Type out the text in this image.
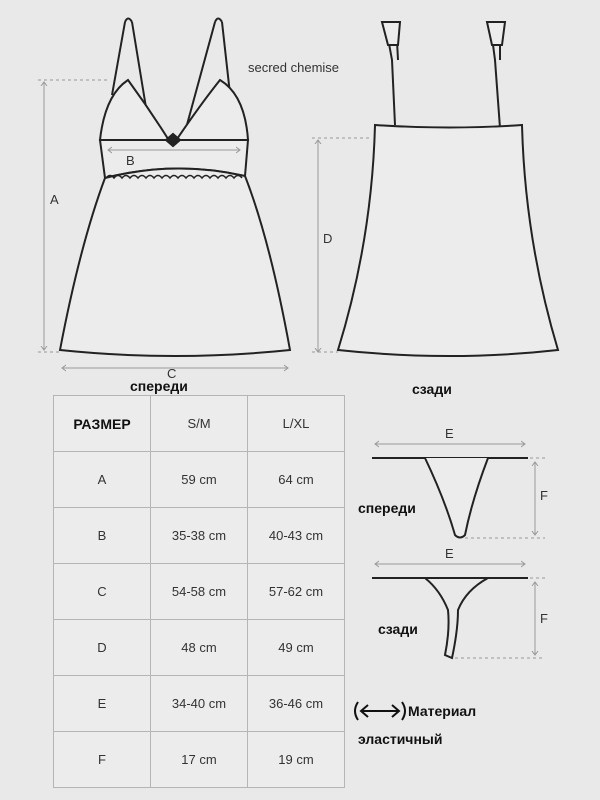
secred chemise
A
B
C
D
спереди	сзади
E
F
спереди
E
F
сзади
Материал
эластичный
РАЗМЕР	S/M	L/XL
A	59 cm	64 cm
B	35-38 cm	40-43 cm
C	54-58 cm	57-62 cm
D	48 cm	49 cm
E	34-40 cm	36-46 cm
F	17 cm	19 cm
